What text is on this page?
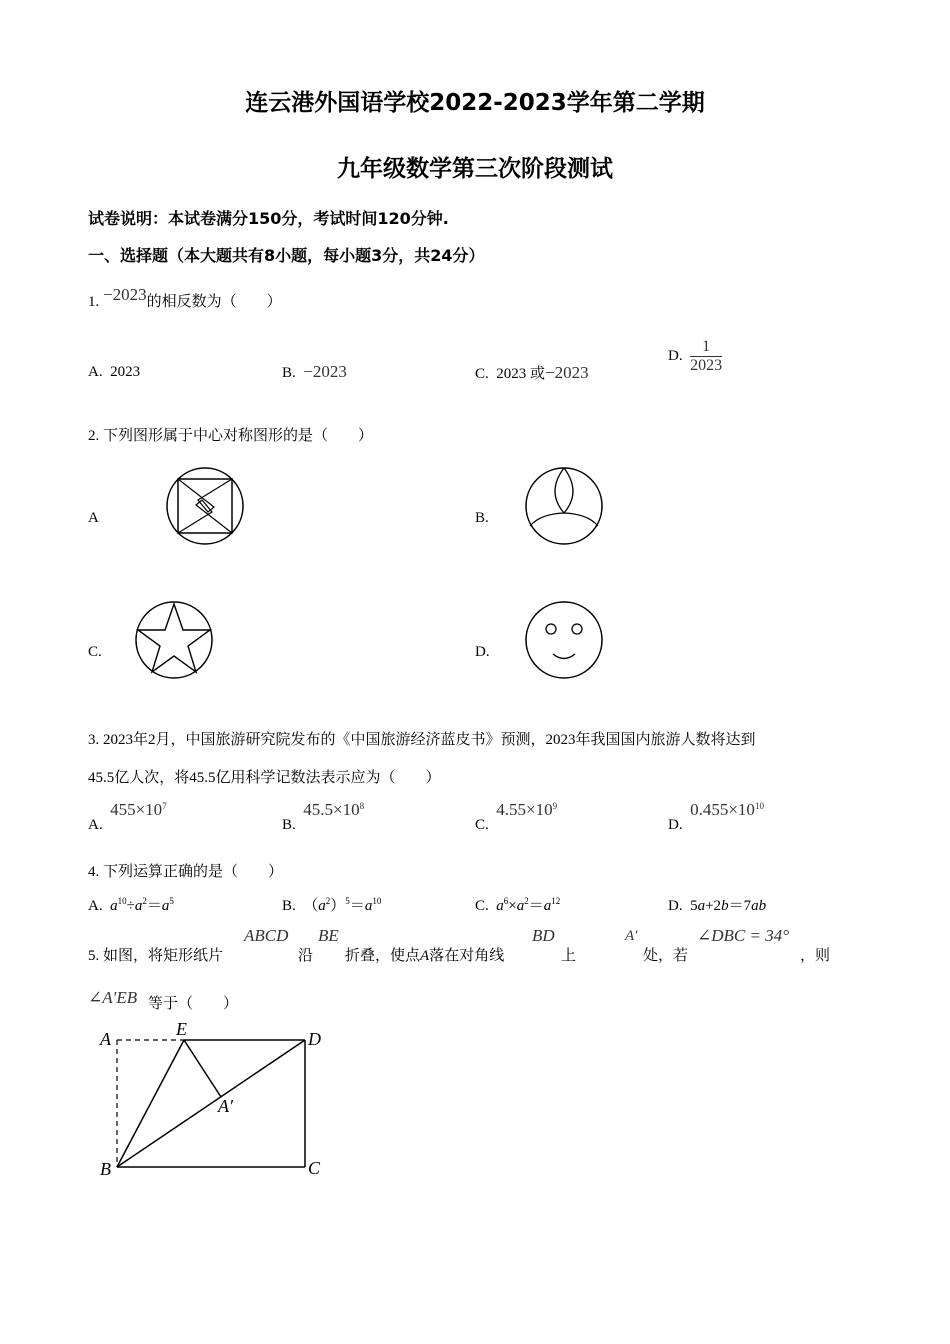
连云港外国语学校2022-2023学年第二学期
九年级数学第三次阶段测试
试卷说明：本试卷满分150分，考试时间120分钟.
一、选择题（本大题共有8小题，每小题3分，共24分）
1. −2023的相反数为（　　）
A. 2023	B. −2023	C. 2023 或−2023
D. $\frac{1}{2023}$
2. 下列图形属于中心对称图形的是（　　）
A	B.
C.	D.
3. 2023年2月，中国旅游研究院发布的《中国旅游经济蓝皮书》预测，2023年我国国内旅游人数将达到
45.5亿人次，将45.5亿用科学记数法表示应为（　　）
A.  $455\times 10^7$
B.  $45.5\times 10^8$
C.  $4.55\times 10^9$
D.  $0.455\times 10^{10}$
4. 下列运算正确的是（　　）
A. $a^{10}\div a^2=a^5$	B. $(a^2)^5=a^{10}$	C. $a^6\times a^2=a^{12}$	D. 5a+2b＝7ab
5. 如图，将矩形纸片
ABCD
沿
BE
折叠，使点A落在对角线
BD
上
A′
处，若
∠DBC = 34°
，则
∠A′EB 等于（　　）
A	E	D
A′
B	C
